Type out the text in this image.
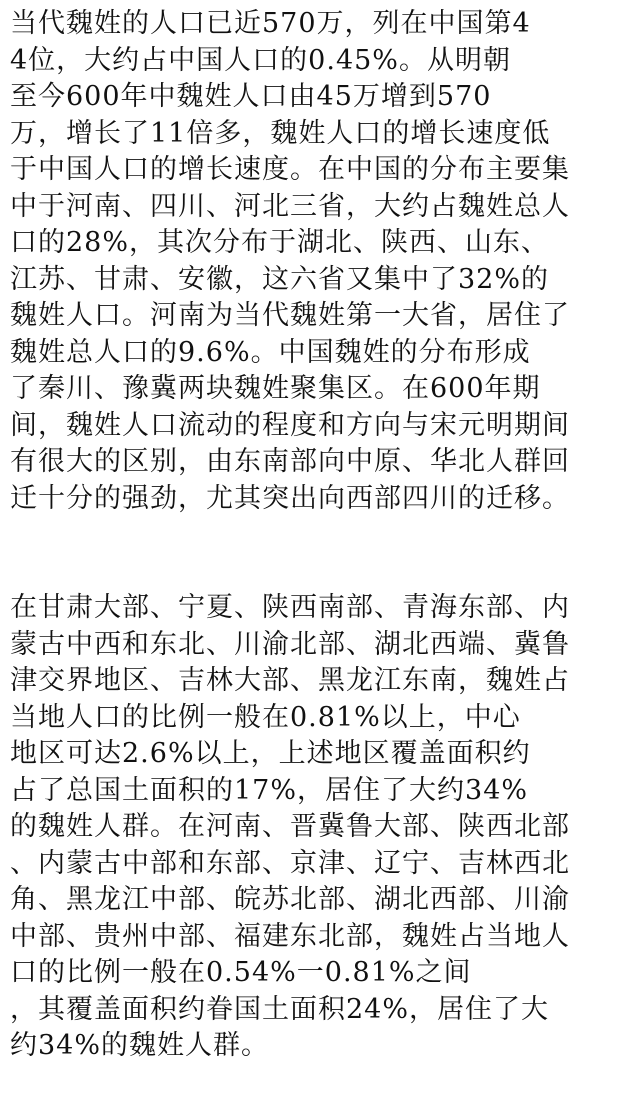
当代魏姓的人口已近570万，列在中国第4
4位，大约占中国人口的0.45%。从明朝
至今600年中魏姓人口由45万增到570
万，增长了11倍多，魏姓人口的增长速度低
于中国人口的增长速度。在中国的分布主要集
中于河南、四川、河北三省，大约占魏姓总人
口的28%，其次分布于湖北、陕西、山东、
江苏、甘肃、安徽，这六省又集中了32%的
魏姓人口。河南为当代魏姓第一大省，居住了
魏姓总人口的9.6%。中国魏姓的分布形成
了秦川、豫冀两块魏姓聚集区。在600年期
间，魏姓人口流动的程度和方向与宋元明期间
有很大的区别，由东南部向中原、华北人群回
迁十分的强劲，尤其突出向西部四川的迁移。
在甘肃大部、宁夏、陕西南部、青海东部、内
蒙古中西和东北、川渝北部、湖北西端、冀鲁
津交界地区、吉林大部、黑龙江东南，魏姓占
当地人口的比例一般在0.81%以上，中心
地区可达2.6%以上，上述地区覆盖面积约
占了总国土面积的17%，居住了大约34%
的魏姓人群。在河南、晋冀鲁大部、陕西北部
、内蒙古中部和东部、京津、辽宁、吉林西北
角、黑龙江中部、皖苏北部、湖北西部、川渝
中部、贵州中部、福建东北部，魏姓占当地人
口的比例一般在0.54%一0.81%之间
，其覆盖面积约眷国土面积24%，居住了大
约34%的魏姓人群。
